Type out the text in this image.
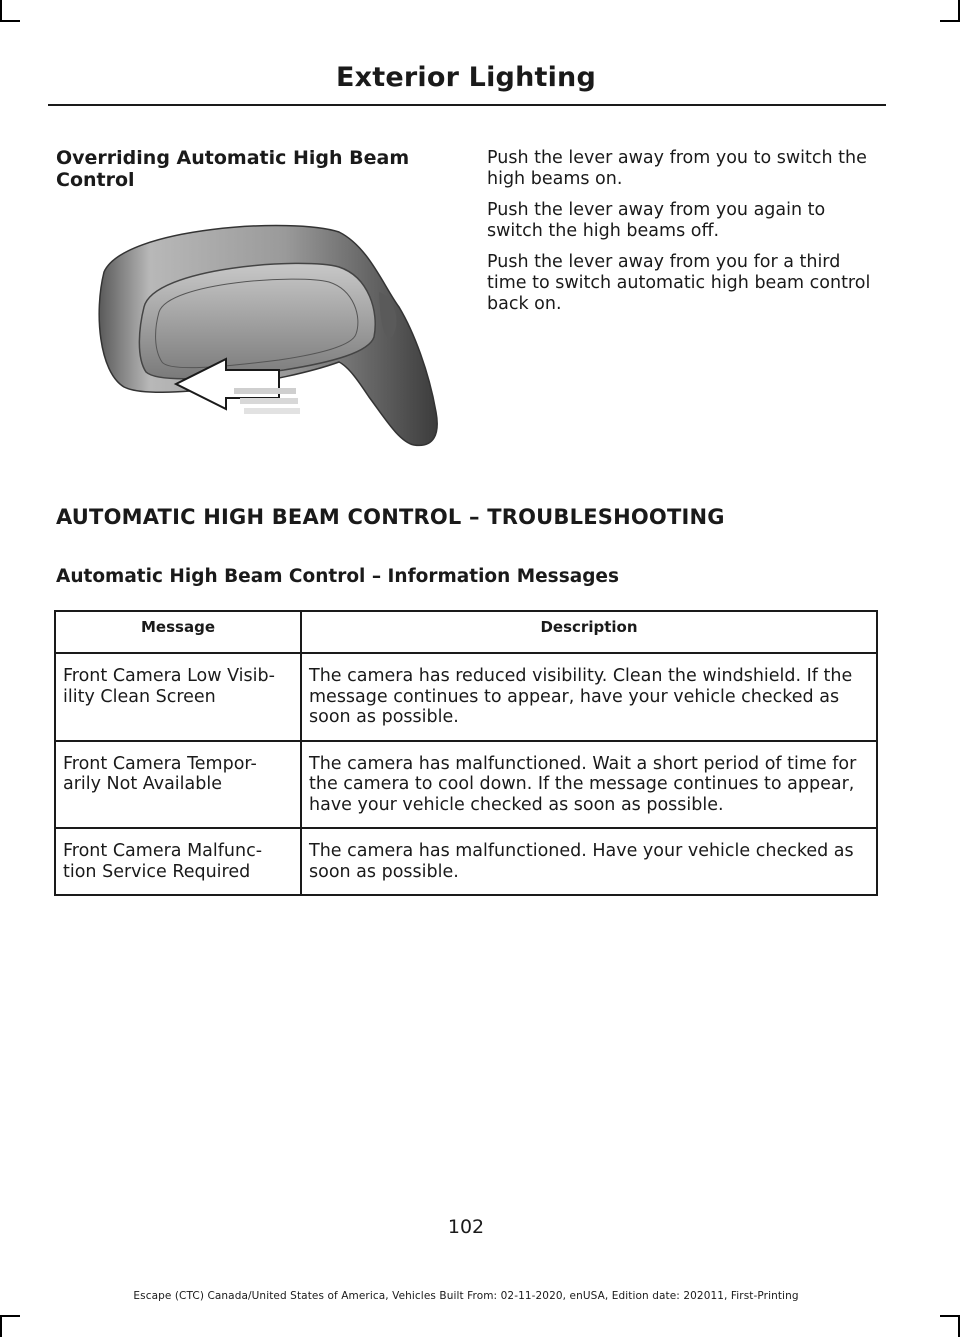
Exterior Lighting
Overriding Automatic High Beam Control

Push the lever away from you to switch the high beams on.

Push the lever away from you again to switch the high beams off.

Push the lever away from you for a third time to switch automatic high beam control back on.

AUTOMATIC HIGH BEAM CONTROL – TROUBLESHOOTING
Automatic High Beam Control – Information Messages
Message	Description
Front Camera Low Visib-ility Clean Screen	The camera has reduced visibility. Clean the windshield. If the message continues to appear, have your vehicle checked as soon as possible.
Front Camera Tempor-arily Not Available	The camera has malfunctioned. Wait a short period of time for the camera to cool down. If the message continues to appear, have your vehicle checked as soon as possible.
Front Camera Malfunc-tion Service Required	The camera has malfunctioned. Have your vehicle checked as soon as possible.
102
Escape (CTC) Canada/United States of America, Vehicles Built From: 02-11-2020, enUSA, Edition date: 202011, First-Printing
